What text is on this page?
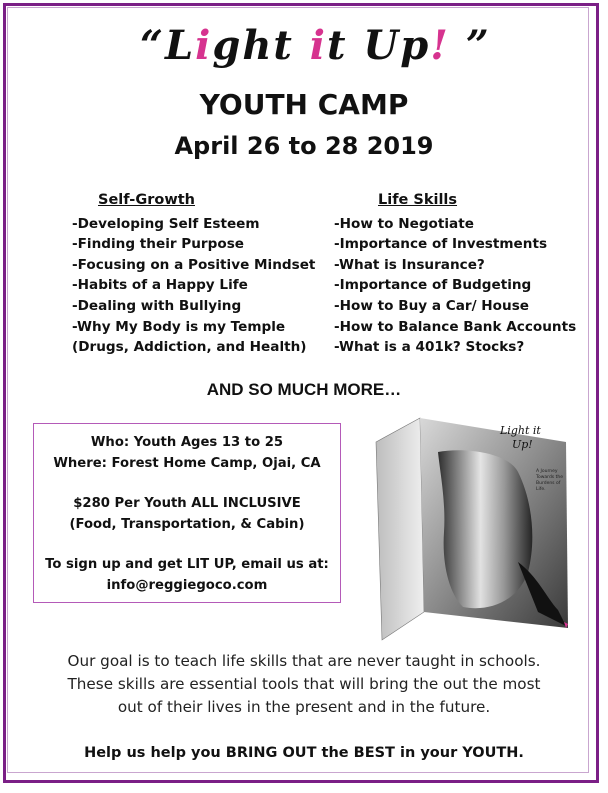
“Light it Up! ”
YOUTH CAMP
April 26 to 28 2019
Self-Growth
-Developing Self Esteem
-Finding their Purpose
-Focusing on a Positive Mindset
-Habits of a Happy Life
-Dealing with Bullying
-Why My Body is my Temple
(Drugs, Addiction, and Health)
Life Skills
-How to Negotiate
-Importance of Investments
-What is Insurance?
-Importance of Budgeting
-How to Buy a Car/ House
-How to Balance Bank Accounts
-What is a 401k? Stocks?
AND SO MUCH MORE…
Who: Youth Ages 13 to 25
Where: Forest Home Camp, Ojai, CA
$280 Per Youth ALL INCLUSIVE
(Food, Transportation, & Cabin)
To sign up and get LIT UP, email us at:
info@reggiegoco.com
Light it
Up!
A Journey
Towards the
Burdens of
Life.
Our goal is to teach life skills that are never taught in schools.
These skills are essential tools that will bring the out the most
out of their lives in the present and in the future.
Help us help you BRING OUT the BEST in your YOUTH.
